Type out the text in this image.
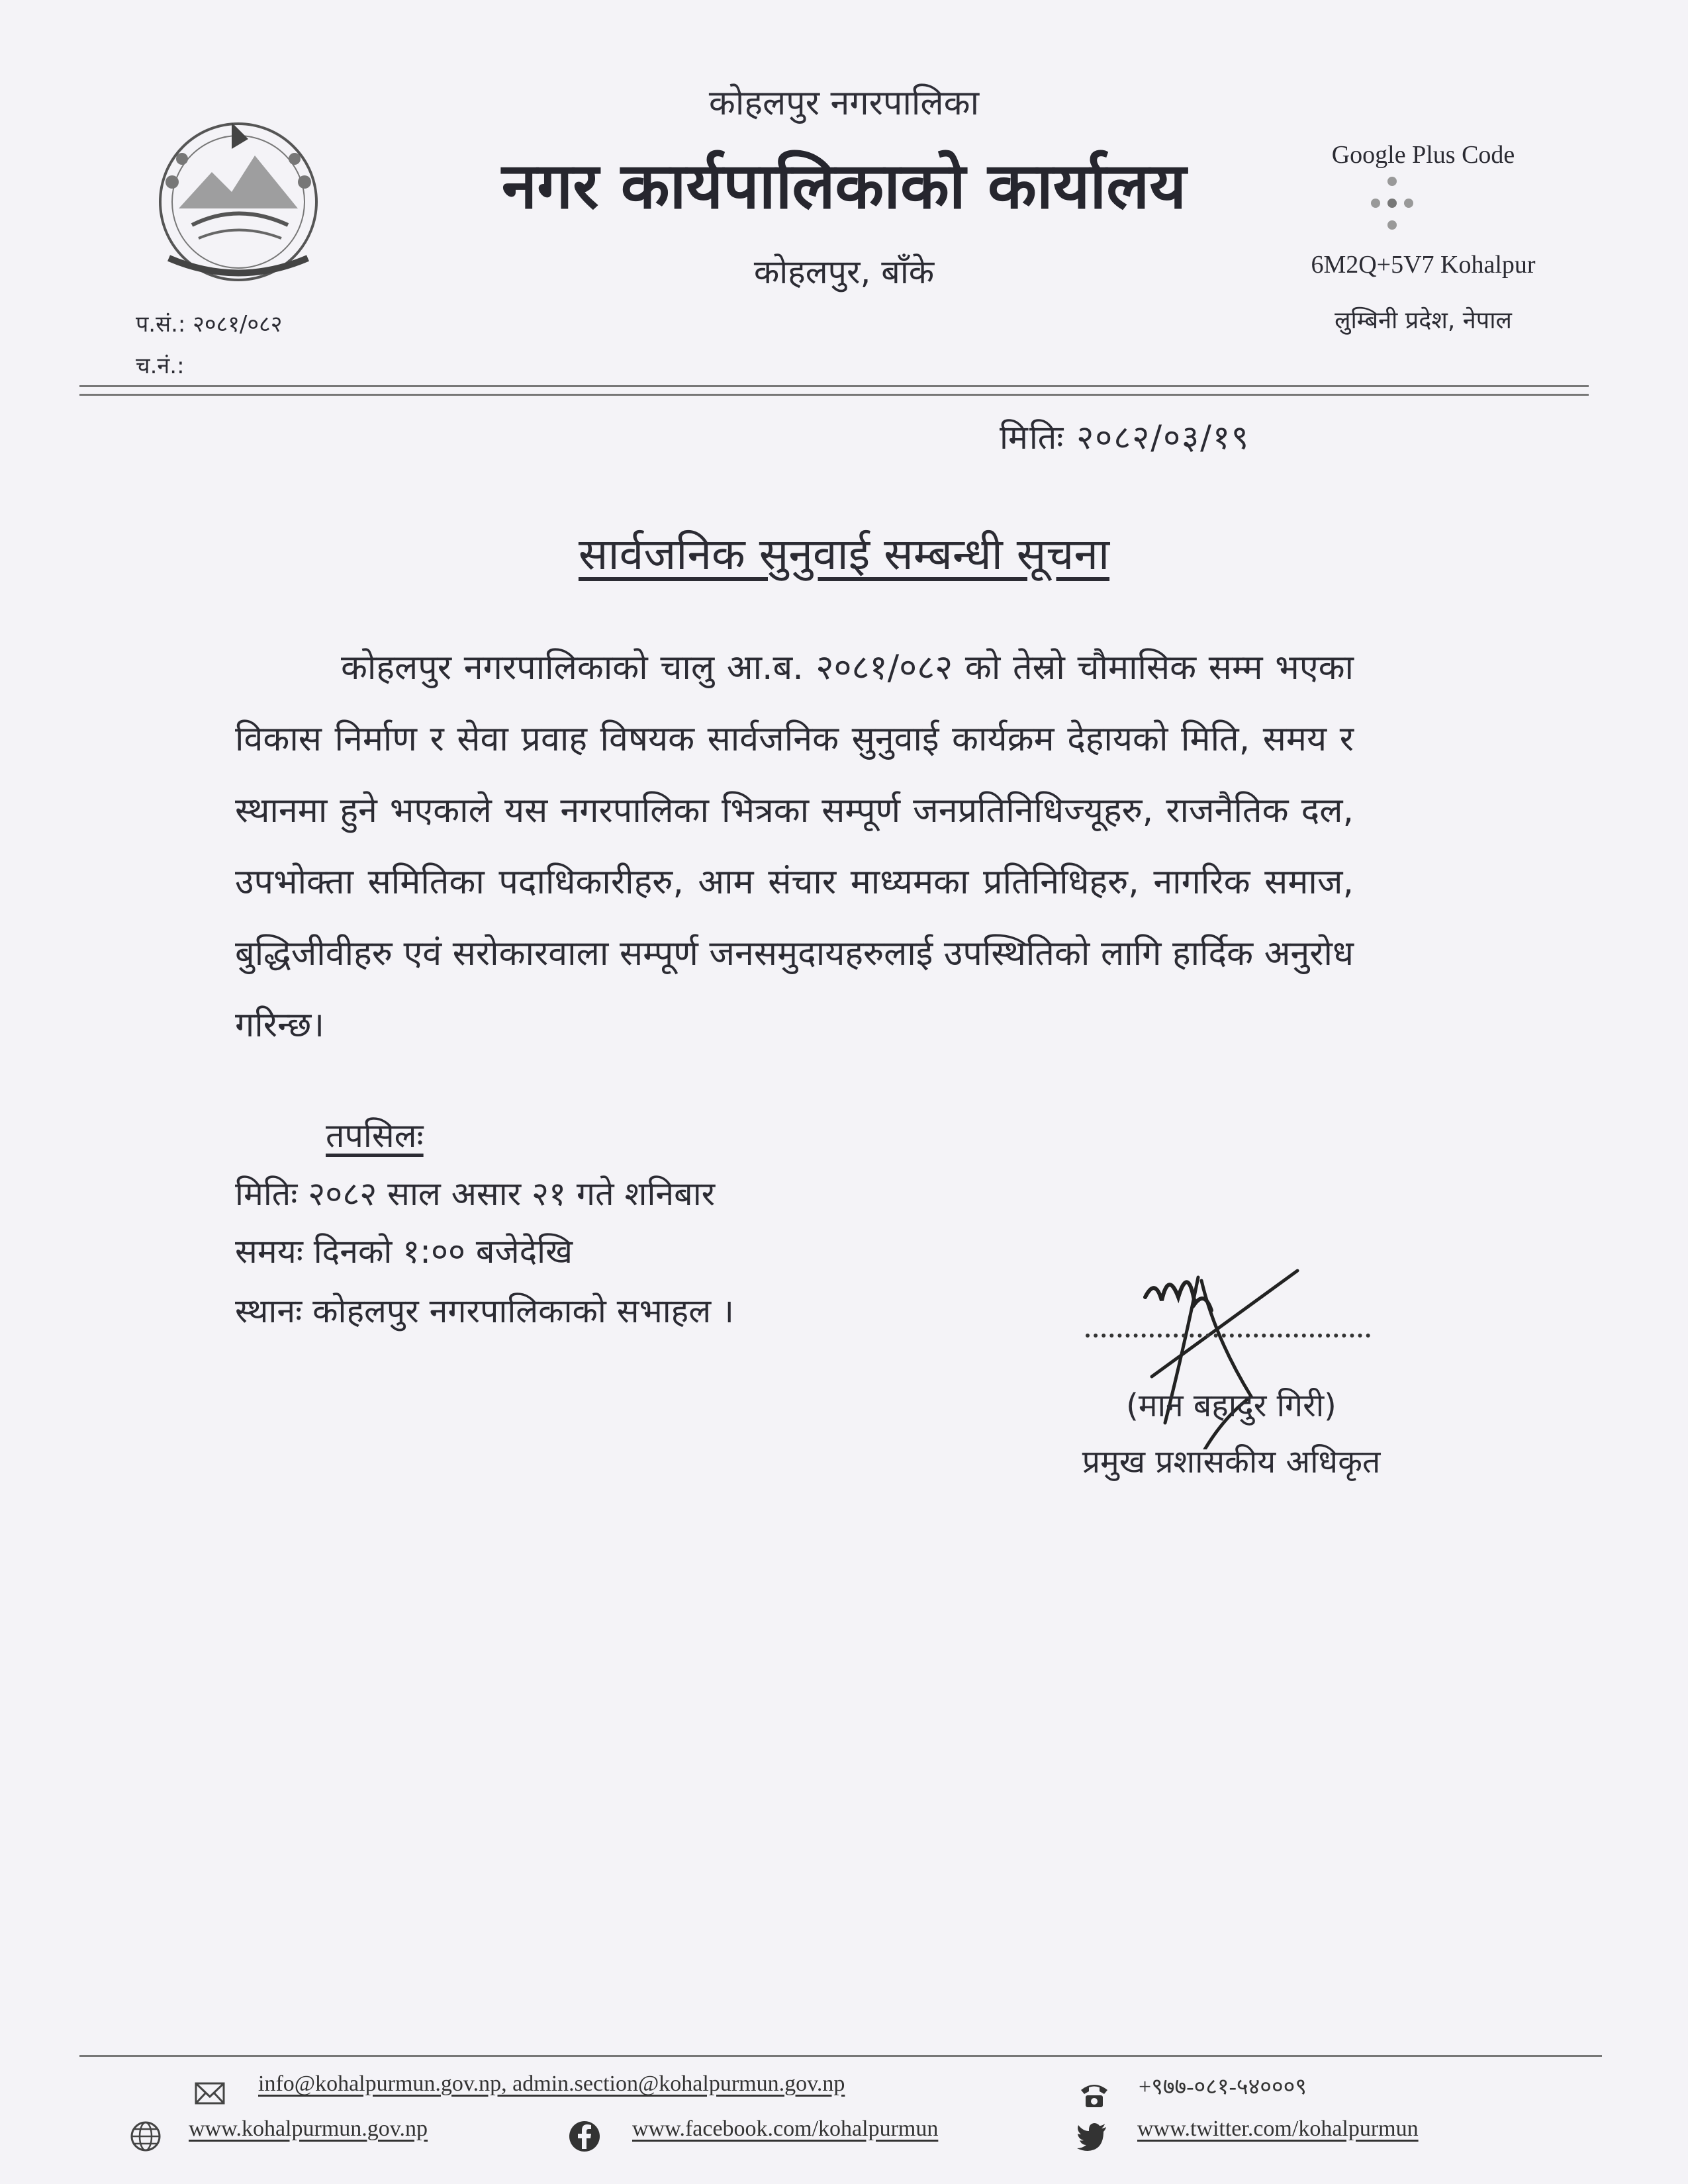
कोहलपुर नगरपालिका
नगर कार्यपालिकाको कार्यालय
कोहलपुर, बाँके
Google Plus Code
6M2Q+5V7 Kohalpur
लुम्बिनी प्रदेश, नेपाल
प.सं.: २०८१/०८२
च.नं.:
मितिः २०८२/०३/१९
सार्वजनिक सुनुवाई सम्बन्धी सूचना

कोहलपुर नगरपालिकाको चालु आ.ब. २०८१/०८२ को तेस्रो चौमासिक सम्म भएका विकास निर्माण र सेवा प्रवाह विषयक सार्वजनिक सुनुवाई कार्यक्रम देहायको मिति, समय र स्थानमा हुने भएकाले यस नगरपालिका भित्रका सम्पूर्ण जनप्रतिनिधिज्यूहरु, राजनैतिक दल, उपभोक्ता समितिका पदाधिकारीहरु, आम संचार माध्यमका प्रतिनिधिहरु, नागरिक समाज, बुद्धिजीवीहरु एवं सरोकारवाला सम्पूर्ण जनसमुदायहरुलाई उपस्थितिको लागि हार्दिक अनुरोध गरिन्छ।

तपसिलः
मितिः २०८२ साल असार २१ गते शनिबार
समयः दिनको १:०० बजेदेखि
स्थानः कोहलपुर नगरपालिकाको सभाहल ।
(मान बहादुर गिरी)
प्रमुख प्रशासकीय अधिकृत
info@kohalpurmun.gov.np, admin.section@kohalpurmun.gov.np	+९७७-०८१-५४०००९
www.kohalpurmun.gov.np	www.facebook.com/kohalpurmun	www.twitter.com/kohalpurmun
